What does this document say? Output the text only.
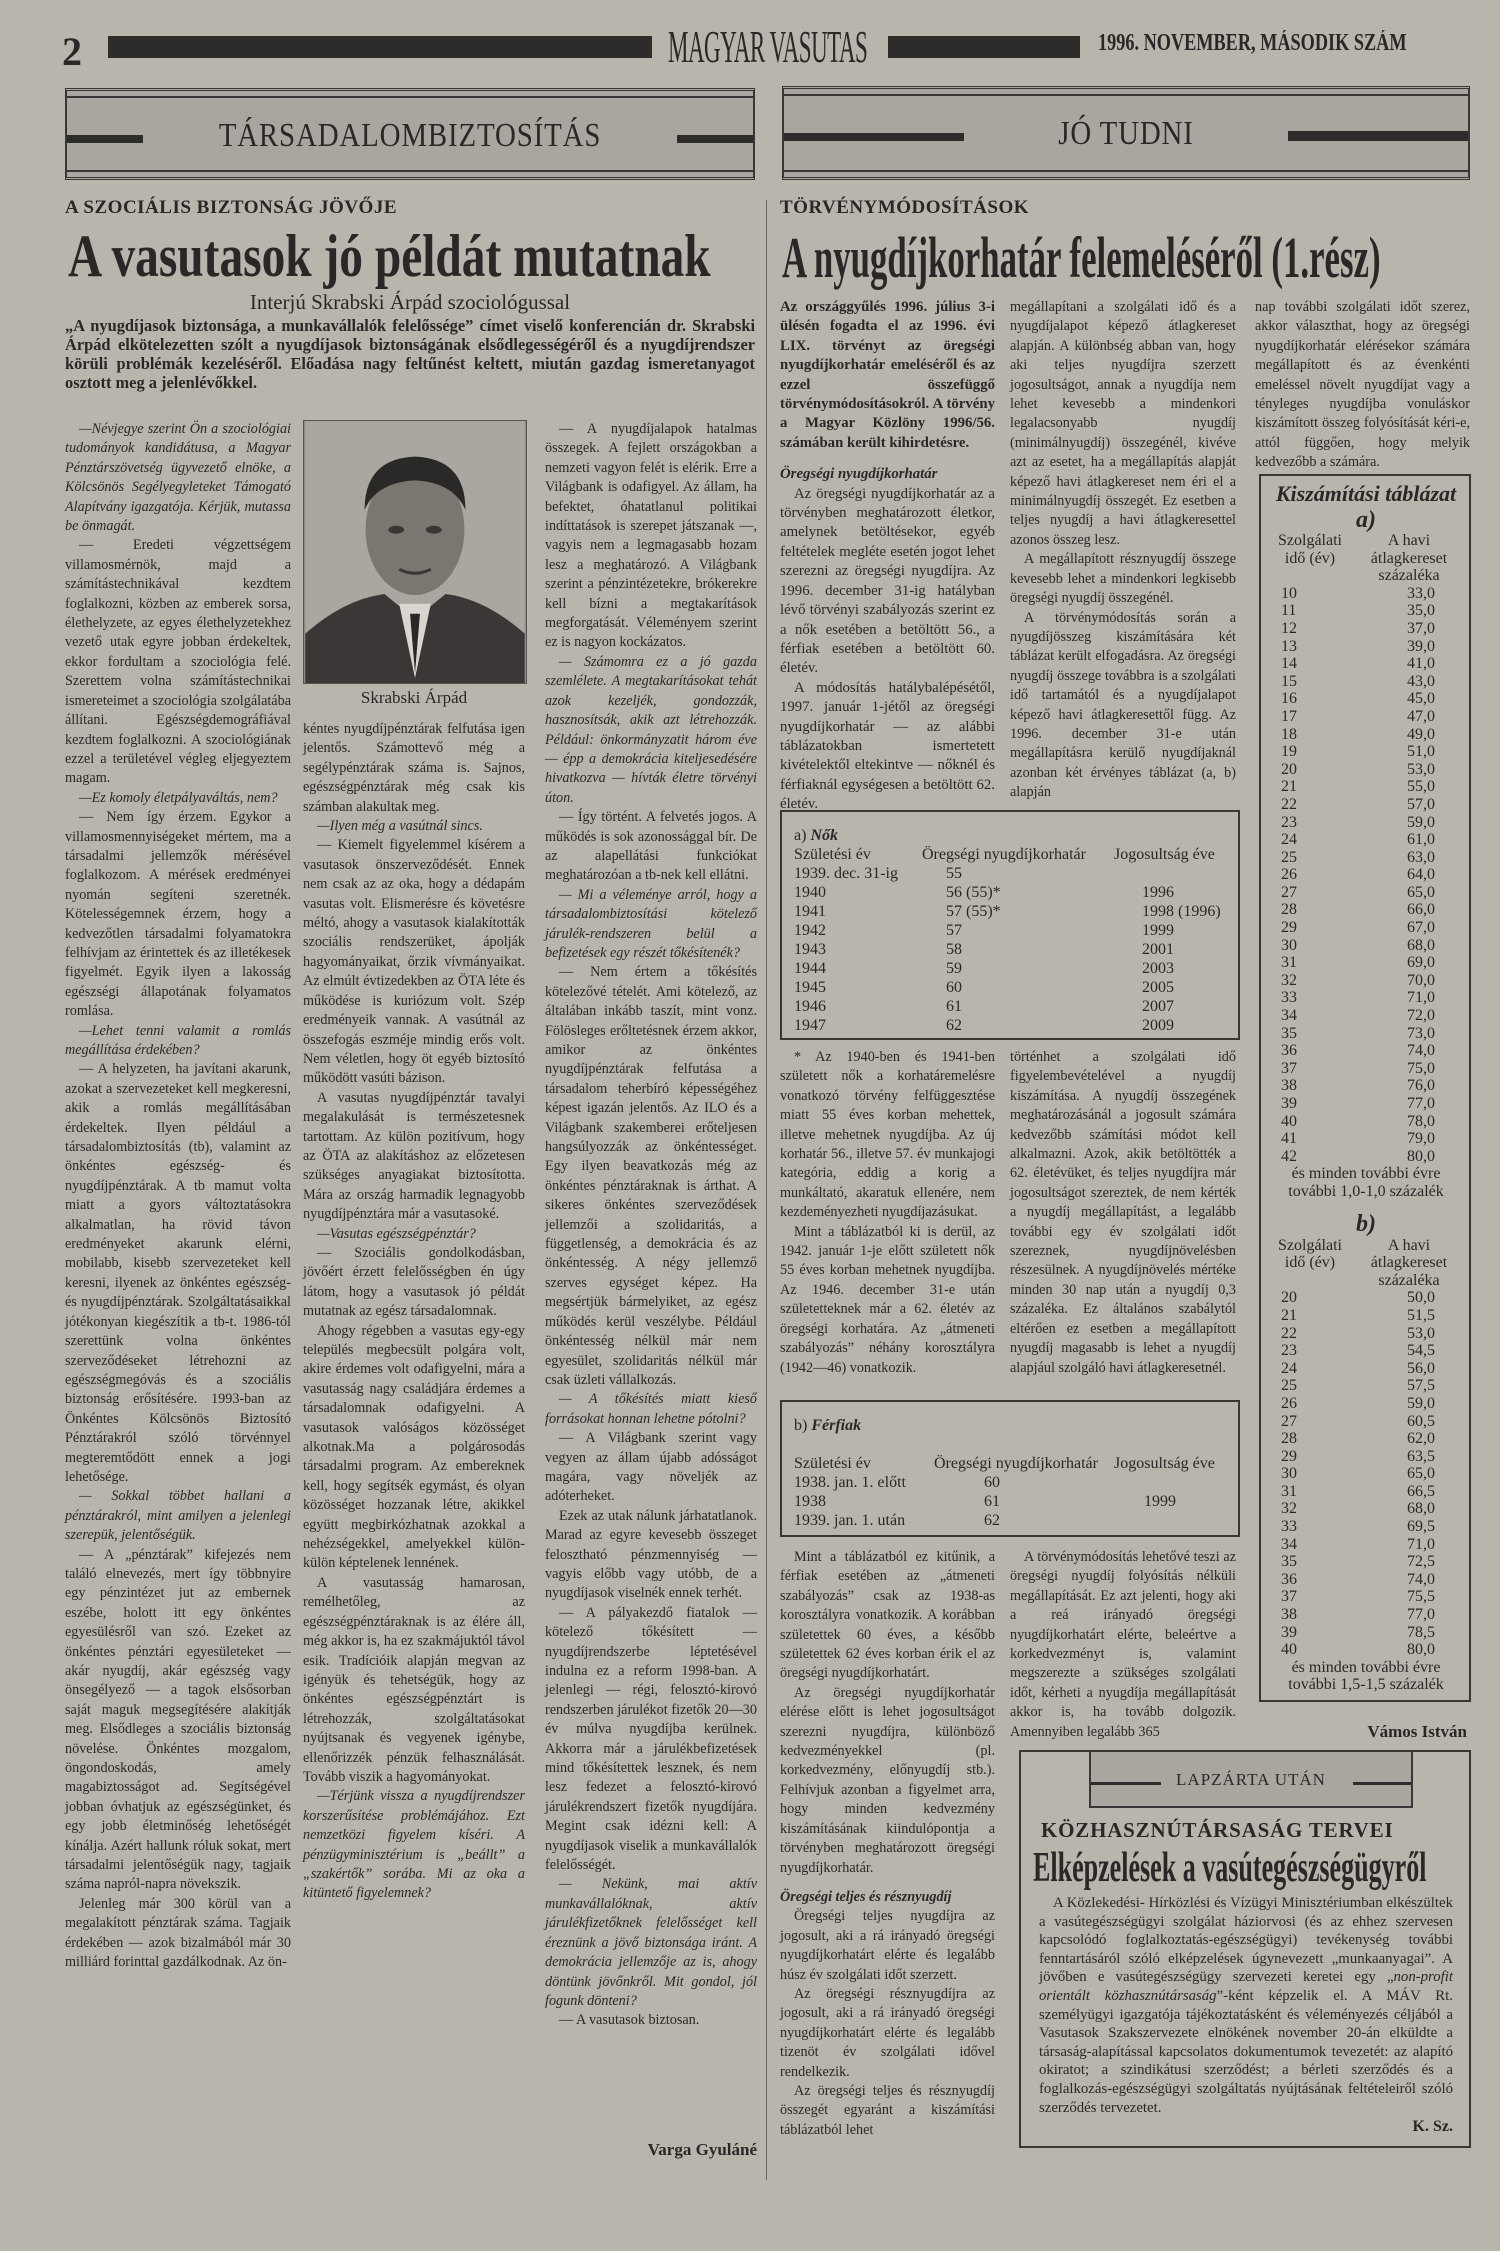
2	MAGYAR VASUTAS	1996. NOVEMBER, MÁSODIK SZÁM
TÁRSADALOMBIZTOSÍTÁS	JÓ TUDNI
A SZOCIÁLIS BIZTONSÁG JÖVŐJE
A vasutasok jó példát mutatnak
Interjú Skrabski Árpád szociológussal
„A nyugdíjasok biztonsága, a munkavállalók felelőssége” címet viselő konferencián dr. Skrabski Árpád elkötelezetten szólt a nyugdíjasok biztonságának elsődlegességéről és a nyugdíjrendszer körüli problémák kezeléséről. Előadása nagy feltűnést keltett, miután gazdag ismeretanyagot osztott meg a jelenlévőkkel.

—Névjegye szerint Ön a szociológiai tudományok kandidátusa, a Magyar Pénztárszövetség ügyvezető elnöke, a Kölcsönös Segélyegyleteket Támogató Alapítvány igazgatója. Kérjük, mutassa be önmagát.

— Eredeti végzettségem villamosmérnök, majd a számítástechnikával kezdtem foglalkozni, közben az emberek sorsa, élethelyzete, az egyes élethelyzetekhez vezető utak egyre jobban érdekeltek, ekkor fordultam a szociológia felé. Szerettem volna számítástechnikai ismereteimet a szociológia szolgálatába állítani. Egészségdemográfiával kezdtem foglalkozni. A szociológiának ezzel a területével végleg eljegyeztem magam.

—Ez komoly életpályaváltás, nem?

— Nem így érzem. Egykor a villamosmennyiségeket mértem, ma a társadalmi jellemzők mérésével foglalkozom. A mérések eredményei nyomán segíteni szeretnék. Kötelességemnek érzem, hogy a kedvezőtlen társadalmi folyamatokra felhívjam az érintettek és az illetékesek figyelmét. Egyik ilyen a lakosság egészségi állapotának folyamatos romlása.

—Lehet tenni valamit a romlás megállítása érdekében?

— A helyzeten, ha javítani akarunk, azokat a szervezeteket kell megkeresni, akik a romlás megállításában érdekeltek. Ilyen például a társadalombiztosítás (tb), valamint az önkéntes egészség- és nyugdíjpénztárak. A tb mamut volta miatt a gyors változtatásokra alkalmatlan, ha rövid távon eredményeket akarunk elérni, mobilabb, kisebb szervezeteket kell keresni, ilyenek az önkéntes egészség- és nyugdíjpénztárak. Szolgáltatásaikkal jótékonyan kiegészítik a tb-t. 1986-tól szerettünk volna önkéntes szerveződéseket létrehozni az egészségmegóvás és a szociális biztonság erősítésére. 1993-ban az Önkéntes Kölcsönös Biztosító Pénztárakról szóló törvénnyel megteremtődött ennek a jogi lehetősége.

— Sokkal többet hallani a pénztárakról, mint amilyen a jelenlegi szerepük, jelentőségük.

— A „pénztárak” kifejezés nem találó elnevezés, mert így többnyire egy pénzintézet jut az embernek eszébe, holott itt egy önkéntes egyesülésről van szó. Ezeket az önkéntes pénztári egyesületeket — akár nyugdíj, akár egészség vagy önsegélyező — a tagok elsősorban saját maguk megsegítésére alakítják meg. Elsődleges a szociális biztonság növelése. Önkéntes mozgalom, öngondoskodás, amely magabiztosságot ad. Segítségével jobban óvhatjuk az egészségünket, és egy jobb életminőség lehetőségét kínálja. Azért hallunk róluk sokat, mert társadalmi jelentőségük nagy, tagjaik száma napról-napra növekszik.

Jelenleg már 300 körül van a megalakított pénztárak száma. Tagjaik érdekében — azok bizalmából már 30 milliárd forinttal gazdálkodnak. Az ön-

Skrabski Árpád

kéntes nyugdíjpénztárak felfutása igen jelentős. Számottevő még a segélypénztárak száma is. Sajnos, egészségpénztárak még csak kis számban alakultak meg.

—Ilyen még a vasútnál sincs.

— Kiemelt figyelemmel kísérem a vasutasok önszerveződését. Ennek nem csak az az oka, hogy a dédapám vasutas volt. Elismerésre és követésre méltó, ahogy a vasutasok kialakították szociális rendszerüket, ápolják hagyományaikat, őrzik vívmányaikat. Az elmúlt évtizedekben az ÖTA léte és működése is kuriózum volt. Szép eredményeik vannak. A vasútnál az összefogás eszméje mindig erős volt. Nem véletlen, hogy öt egyéb biztosító működött vasúti bázison.

A vasutas nyugdíjpénztár tavalyi megalakulását is természetesnek tartottam. Az külön pozitívum, hogy az ÖTA az alakításhoz az előzetesen szükséges anyagiakat biztosította. Mára az ország harmadik legnagyobb nyugdíjpénztára már a vasutasoké.

—Vasutas egészségpénztár?

— Szociális gondolkodásban, jövőért érzett felelősségben én úgy látom, hogy a vasutasok jó példát mutatnak az egész társadalomnak.

Ahogy régebben a vasutas egy-egy település megbecsült polgára volt, akire érdemes volt odafigyelni, mára a vasutasság nagy családjára érdemes a társadalomnak odafigyelni. A vasutasok valóságos közösséget alkotnak.Ma a polgárosodás társadalmi program. Az embereknek kell, hogy segítsék egymást, és olyan közösséget hozzanak létre, akikkel együtt megbirkózhatnak azokkal a nehézségekkel, amelyekkel külön-külön képtelenek lennének.

A vasutasság hamarosan, remélhetőleg, az egészségpénztáraknak is az élére áll, még akkor is, ha ez szakmájuktól távol esik. Tradícióik alapján megvan az igényük és tehetségük, hogy az önkéntes egészségpénztárt is létrehozzák, szolgáltatásokat nyújtsanak és vegyenek igénybe, ellenőrizzék pénzük felhasználását. Tovább viszik a hagyományokat.

—Térjünk vissza a nyugdíjrendszer korszerűsítése problémájához. Ezt nemzetközi figyelem kíséri. A pénzügyminisztérium is „beállt” a „szakértők” sorába. Mi az oka a kitüntető figyelemnek?

— A nyugdíjalapok hatalmas összegek. A fejlett országokban a nemzeti vagyon felét is elérik. Erre a Világbank is odafigyel. Az állam, ha befektet, óhatatlanul politikai indíttatások is szerepet játszanak —, vagyis nem a legmagasabb hozam lesz a meghatározó. A Világbank szerint a pénzintézetekre, brókerekre kell bízni a megtakarítások megforgatását. Véleményem szerint ez is nagyon kockázatos.

— Számomra ez a jó gazda szemlélete. A megtakarításokat tehát azok kezeljék, gondozzák, hasznosítsák, akik azt létrehozzák. Például: önkormányzatit három éve — épp a demokrácia kiteljesedésére hivatkozva — hívták életre törvényi úton.

— Így történt. A felvetés jogos. A működés is sok azonossággal bír. De az alapellátási funkciókat meghatározóan a tb-nek kell ellátni.

— Mi a véleménye arról, hogy a társadalombiztosítási kötelező járulék-rendszeren belül a befizetések egy részét tőkésítenék?

— Nem értem a tőkésítés kötelezővé tételét. Ami kötelező, az általában inkább taszít, mint vonz. Fölösleges erőltetésnek érzem akkor, amikor az önkéntes nyugdíjpénztárak felfutása a társadalom teherbíró képességéhez képest igazán jelentős. Az ILO és a Világbank szakemberei erőteljesen hangsúlyozzák az önkéntességet. Egy ilyen beavatkozás még az önkéntes pénztáraknak is árthat. A sikeres önkéntes szerveződések jellemzői a szolidaritás, a függetlenség, a demokrácia és az önkéntesség. A négy jellemző szerves egységet képez. Ha megsértjük bármelyiket, az egész működés kerül veszélybe. Például önkéntesség nélkül már nem egyesület, szolidaritás nélkül már csak üzleti vállalkozás.

— A tőkésítés miatt kieső forrásokat honnan lehetne pótolni?

— A Világbank szerint vagy vegyen az állam újabb adósságot magára, vagy növeljék az adóterheket.

Ezek az utak nálunk járhatatlanok. Marad az egyre kevesebb összeget felosztható pénzmennyiség — vagyis előbb vagy utóbb, de a nyugdíjasok viselnék ennek terhét.

— A pályakezdő fiatalok — kötelező tőkésített — nyugdíjrendszerbe léptetésével indulna ez a reform 1998-ban. A jelenlegi — régi, felosztó-kirovó rendszerben járulékot fizetők 20—30 év múlva nyugdíjba kerülnek. Akkorra már a járulékbefizetések mind tőkésítettek lesznek, és nem lesz fedezet a felosztó-kirovó járulékrendszert fizetők nyugdíjára. Megint csak idézni kell: A nyugdíjasok viselik a munkavállalók felelősségét.

— Nekünk, mai aktív munkavállalóknak, aktív járulékfizetőknek felelősséget kell éreznünk a jövő biztonsága iránt. A demokrácia jellemzője az is, ahogy döntünk jövőnkről. Mit gondol, jól fogunk dönteni?

— A vasutasok biztosan.

Varga Gyuláné
TÖRVÉNYMÓDOSÍTÁSOK
A nyugdíjkorhatár felemeléséről (1.rész)

Az országgyűlés 1996. július 3-i ülésén fogadta el az 1996. évi LIX. törvényt az öregségi nyugdíjkorhatár emeléséről és az ezzel összefüggő törvénymódosításokról. A törvény a Magyar Közlöny 1996/56. számában került kihirdetésre.

Öregségi nyugdíjkorhatár

Az öregségi nyugdíjkorhatár az a törvényben meghatározott életkor, amelynek betöltésekor, egyéb feltételek megléte esetén jogot lehet szerezni az öregségi nyugdíjra. Az 1996. december 31-ig hatályban lévő törvényi szabályozás szerint ez a nők esetében a betöltött 56., a férfiak esetében a betöltött 60. életév.

A módosítás hatálybalépésétől, 1997. január 1-jétől az öregségi nyugdíjkorhatár — az alábbi táblázatokban ismertetett kivételektől eltekintve — nőknél és férfiaknál egységesen a betöltött 62. életév.

megállapítani a szolgálati idő és a nyugdíjalapot képező átlagkereset alapján. A különbség abban van, hogy aki teljes nyugdíjra szerzett jogosultságot, annak a nyugdíja nem lehet kevesebb a mindenkori legalacsonyabb nyugdíj (minimálnyugdíj) összegénél, kivéve azt az esetet, ha a megállapítás alapját képező havi átlagkereset nem éri el a minimálnyugdíj összegét. Ez esetben a teljes nyugdíj a havi átlagkeresettel azonos összeg lesz.

A megállapított résznyugdíj összege kevesebb lehet a mindenkori legkisebb öregségi nyugdíj összegénél.

A törvénymódosítás során a nyugdíjösszeg kiszámítására két táblázat került elfogadásra. Az öregségi nyugdíj összege továbbra is a szolgálati idő tartamától és a nyugdíjalapot képező havi átlagkeresettől függ. Az 1996. december 31-e után megállapításra kerülő nyugdíjaknál azonban két érvényes táblázat (a, b) alapján

nap további szolgálati időt szerez, akkor választhat, hogy az öregségi nyugdíjkorhatár elérésekor számára megállapított és az évenkénti emeléssel növelt nyugdíjat vagy a tényleges nyugdíjba vonuláskor kiszámított összeg folyósítását kéri-e, attól függően, hogy melyik kedvezőbb a számára.

a) Nők
Születési év	Öregségi nyugdíjkorhatár	Jogosultság éve
1939. dec. 31-ig	55	
1940	56 (55)*	1996
1941	57 (55)*	1998 (1996)
1942	57	1999
1943	58	2001
1944	59	2003
1945	60	2005
1946	61	2007
1947	62	2009

* Az 1940-ben és 1941-ben született nők a korhatáremelésre vonatkozó törvény felfüggesztése miatt 55 éves korban mehettek, illetve mehetnek nyugdíjba. Az új korhatár 56., illetve 57. év munkajogi kategória, eddig a korig a munkáltató, akaratuk ellenére, nem kezdeményezheti nyugdíjazásukat.

Mint a táblázatból ki is derül, az 1942. január 1-je előtt született nők 55 éves korban mehetnek nyugdíjba. Az 1946. december 31-e után születetteknek már a 62. életév az öregségi korhatára. Az „átmeneti szabályozás” néhány korosztályra (1942—46) vonatkozik.

történhet a szolgálati idő figyelembevételével a nyugdíj kiszámítása. A nyugdíj összegének meghatározásánál a jogosult számára kedvezőbb számítási módot kell alkalmazni. Azok, akik betöltötték a 62. életévüket, és teljes nyugdíjra már jogosultságot szereztek, de nem kérték a nyugdíj megállapítást, a legalább további egy év szolgálati időt szereznek, nyugdíjnövelésben részesülnek. A nyugdíjnövelés mértéke minden 30 nap után a nyugdíj 0,3 százaléka. Ez általános szabálytól eltérően ez esetben a megállapított nyugdíj magasabb is lehet a nyugdíj alapjául szolgáló havi átlagkeresetnél.

b) Férfiak
Születési év	Öregségi nyugdíjkorhatár	Jogosultság éve
1938. jan. 1. előtt	60	
1938	61	1999
1939. jan. 1. után	62	

Mint a táblázatból ez kitűnik, a férfiak esetében az „átmeneti szabályozás” csak az 1938-as korosztályra vonatkozik. A korábban születettek 60 éves, a később születettek 62 éves korban érik el az öregségi nyugdíjkorhatárt.

Az öregségi nyugdíjkorhatár elérése előtt is lehet jogosultságot szerezni nyugdíjra, különböző kedvezményekkel (pl. korkedvezmény, előnyugdíj stb.). Felhívjuk azonban a figyelmet arra, hogy minden kedvezmény kiszámításának kiindulópontja a törvényben meghatározott öregségi nyugdíjkorhatár.

Öregségi teljes és résznyugdíj

Öregségi teljes nyugdíjra az jogosult, aki a rá irányadó öregségi nyugdíjkorhatárt elérte és legalább húsz év szolgálati időt szerzett.

Az öregségi résznyugdíjra az jogosult, aki a rá irányadó öregségi nyugdíjkorhatárt elérte és legalább tizenöt év szolgálati idővel rendelkezik.

Az öregségi teljes és résznyugdíj összegét egyaránt a kiszámítási táblázatból lehet

A törvénymódosítás lehetővé teszi az öregségi nyugdíj folyósítás nélküli megállapítását. Ez azt jelenti, hogy aki a reá irányadó öregségi nyugdíjkorhatárt elérte, beleértve a korkedvezményt is, valamint megszerezte a szükséges szolgálati időt, kérheti a nyugdíja megállapítását akkor is, ha tovább dolgozik. Amennyiben legalább 365

Kiszámítási táblázat
a)
Szolgálati idő (év)
A havi átlagkereset százaléka
10	33,0
11	35,0
12	37,0
13	39,0
14	41,0
15	43,0
16	45,0
17	47,0
18	49,0
19	51,0
20	53,0
21	55,0
22	57,0
23	59,0
24	61,0
25	63,0
26	64,0
27	65,0
28	66,0
29	67,0
30	68,0
31	69,0
32	70,0
33	71,0
34	72,0
35	73,0
36	74,0
37	75,0
38	76,0
39	77,0
40	78,0
41	79,0
42	80,0
és minden további évre további 1,0-1,0 százalék
b)
Szolgálati idő (év)
A havi átlagkereset százaléka
20	50,0
21	51,5
22	53,0
23	54,5
24	56,0
25	57,5
26	59,0
27	60,5
28	62,0
29	63,5
30	65,0
31	66,5
32	68,0
33	69,5
34	71,0
35	72,5
36	74,0
37	75,5
38	77,0
39	78,5
40	80,0
és minden további évre további 1,5-1,5 százalék
Vámos István
LAPZÁRTA UTÁN
KÖZHASZNÚTÁRSASÁG TERVEI
Elképzelések a vasútegészségügyről
A Közlekedési- Hírközlési és Vízügyi Minisztériumban elkészültek a vasútegészségügyi szolgálat háziorvosi (és az ehhez szervesen kapcsolódó foglalkoztatás-egészségügyi) tevékenység további fenntartásáról szóló elképzelések úgynevezett „munkaanyagai”. A jövőben e vasútegészségügy szervezeti keretei egy „non-profit orientált közhasznútársaság”-ként képzelik el. A MÁV Rt. személyügyi igazgatója tájékoztatásként és véleményezés céljából a Vasutasok Szakszervezete elnökének november 20-án elküldte a társaság-alapítással kapcsolatos dokumentumok tevezetét: az alapító okiratot; a szindikátusi szerződést; a bérleti szerződés és a foglalkozás-egészségügyi szolgáltatás nyújtásának feltételeiről szóló szerződés tervezetet.
K. Sz.
